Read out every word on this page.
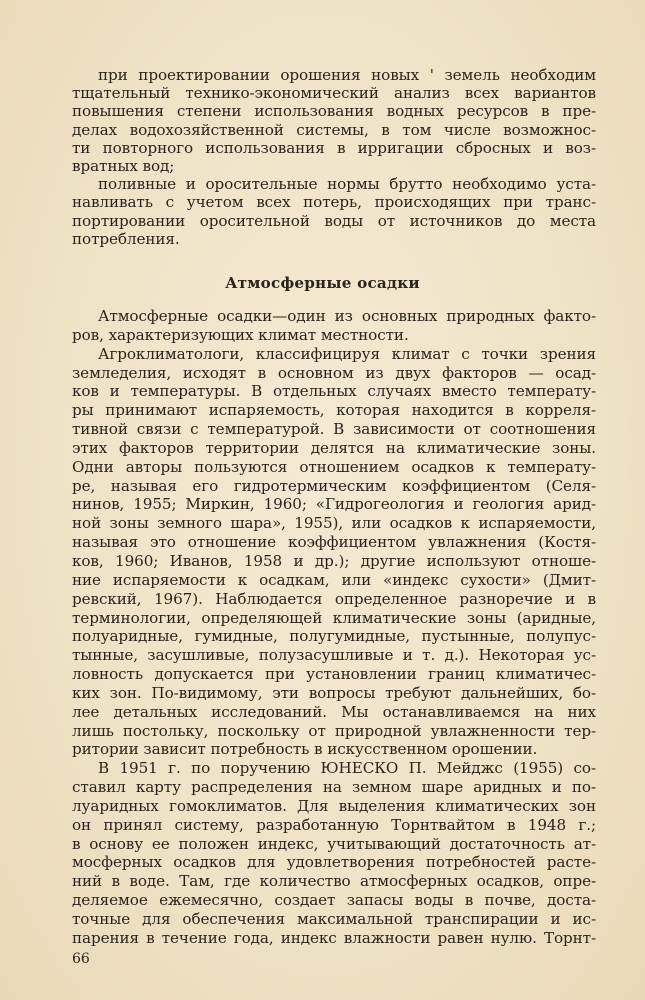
при проектировании орошения новых ' земель необходим
тщательный технико-экономический анализ всех вариантов
повышения степени использования водных ресурсов в пре-
делах водохозяйственной системы, в том числе возможнос-
ти повторного использования в ирригации сбросных и воз-
вратных вод;
поливные и оросительные нормы брутто необходимо уста-
навливать с учетом всех потерь, происходящих при транс-
портировании оросительной воды от источников до места
потребления.
Атмосферные осадки
Атмосферные осадки—один из основных природных факто-
ров, характеризующих климат местности.
Агроклиматологи, классифицируя климат с точки зрения
земледелия, исходят в основном из двух факторов — осад-
ков и температуры. В отдельных случаях вместо температу-
ры принимают испаряемость, которая находится в корреля-
тивной связи с температурой. В зависимости от соотношения
этих факторов территории делятся на климатические зоны.
Одни авторы пользуются отношением осадков к температу-
ре, называя его гидротермическим коэффициентом (Селя-
нинов, 1955; Миркин, 1960; «Гидрогеология и геология арид-
ной зоны земного шара», 1955), или осадков к испаряемости,
называя это отношение коэффициентом увлажнения (Костя-
ков, 1960; Иванов, 1958 и др.); другие используют отноше-
ние испаряемости к осадкам, или «индекс сухости» (Дмит-
ревский, 1967). Наблюдается определенное разноречие и в
терминологии, определяющей климатические зоны (аридные,
полуаридные, гумидные, полугумидные, пустынные, полупус-
тынные, засушливые, полузасушливые и т. д.). Некоторая ус-
ловность допускается при установлении границ климатичес-
ких зон. По-видимому, эти вопросы требуют дальнейших, бо-
лее детальных исследований. Мы останавливаемся на них
лишь постольку, поскольку от природной увлажненности тер-
ритории зависит потребность в искусственном орошении.
В 1951 г. по поручению ЮНЕСКО П. Мейджс (1955) со-
ставил карту распределения на земном шаре аридных и по-
луаридных гомоклиматов. Для выделения климатических зон
он принял систему, разработанную Торнтвайтом в 1948 г.;
в основу ее положен индекс, учитывающий достаточность ат-
мосферных осадков для удовлетворения потребностей расте-
ний в воде. Там, где количество атмосферных осадков, опре-
деляемое ежемесячно, создает запасы воды в почве, доста-
точные для обеспечения максимальной транспирации и ис-
парения в течение года, индекс влажности равен нулю. Торнт-
66
